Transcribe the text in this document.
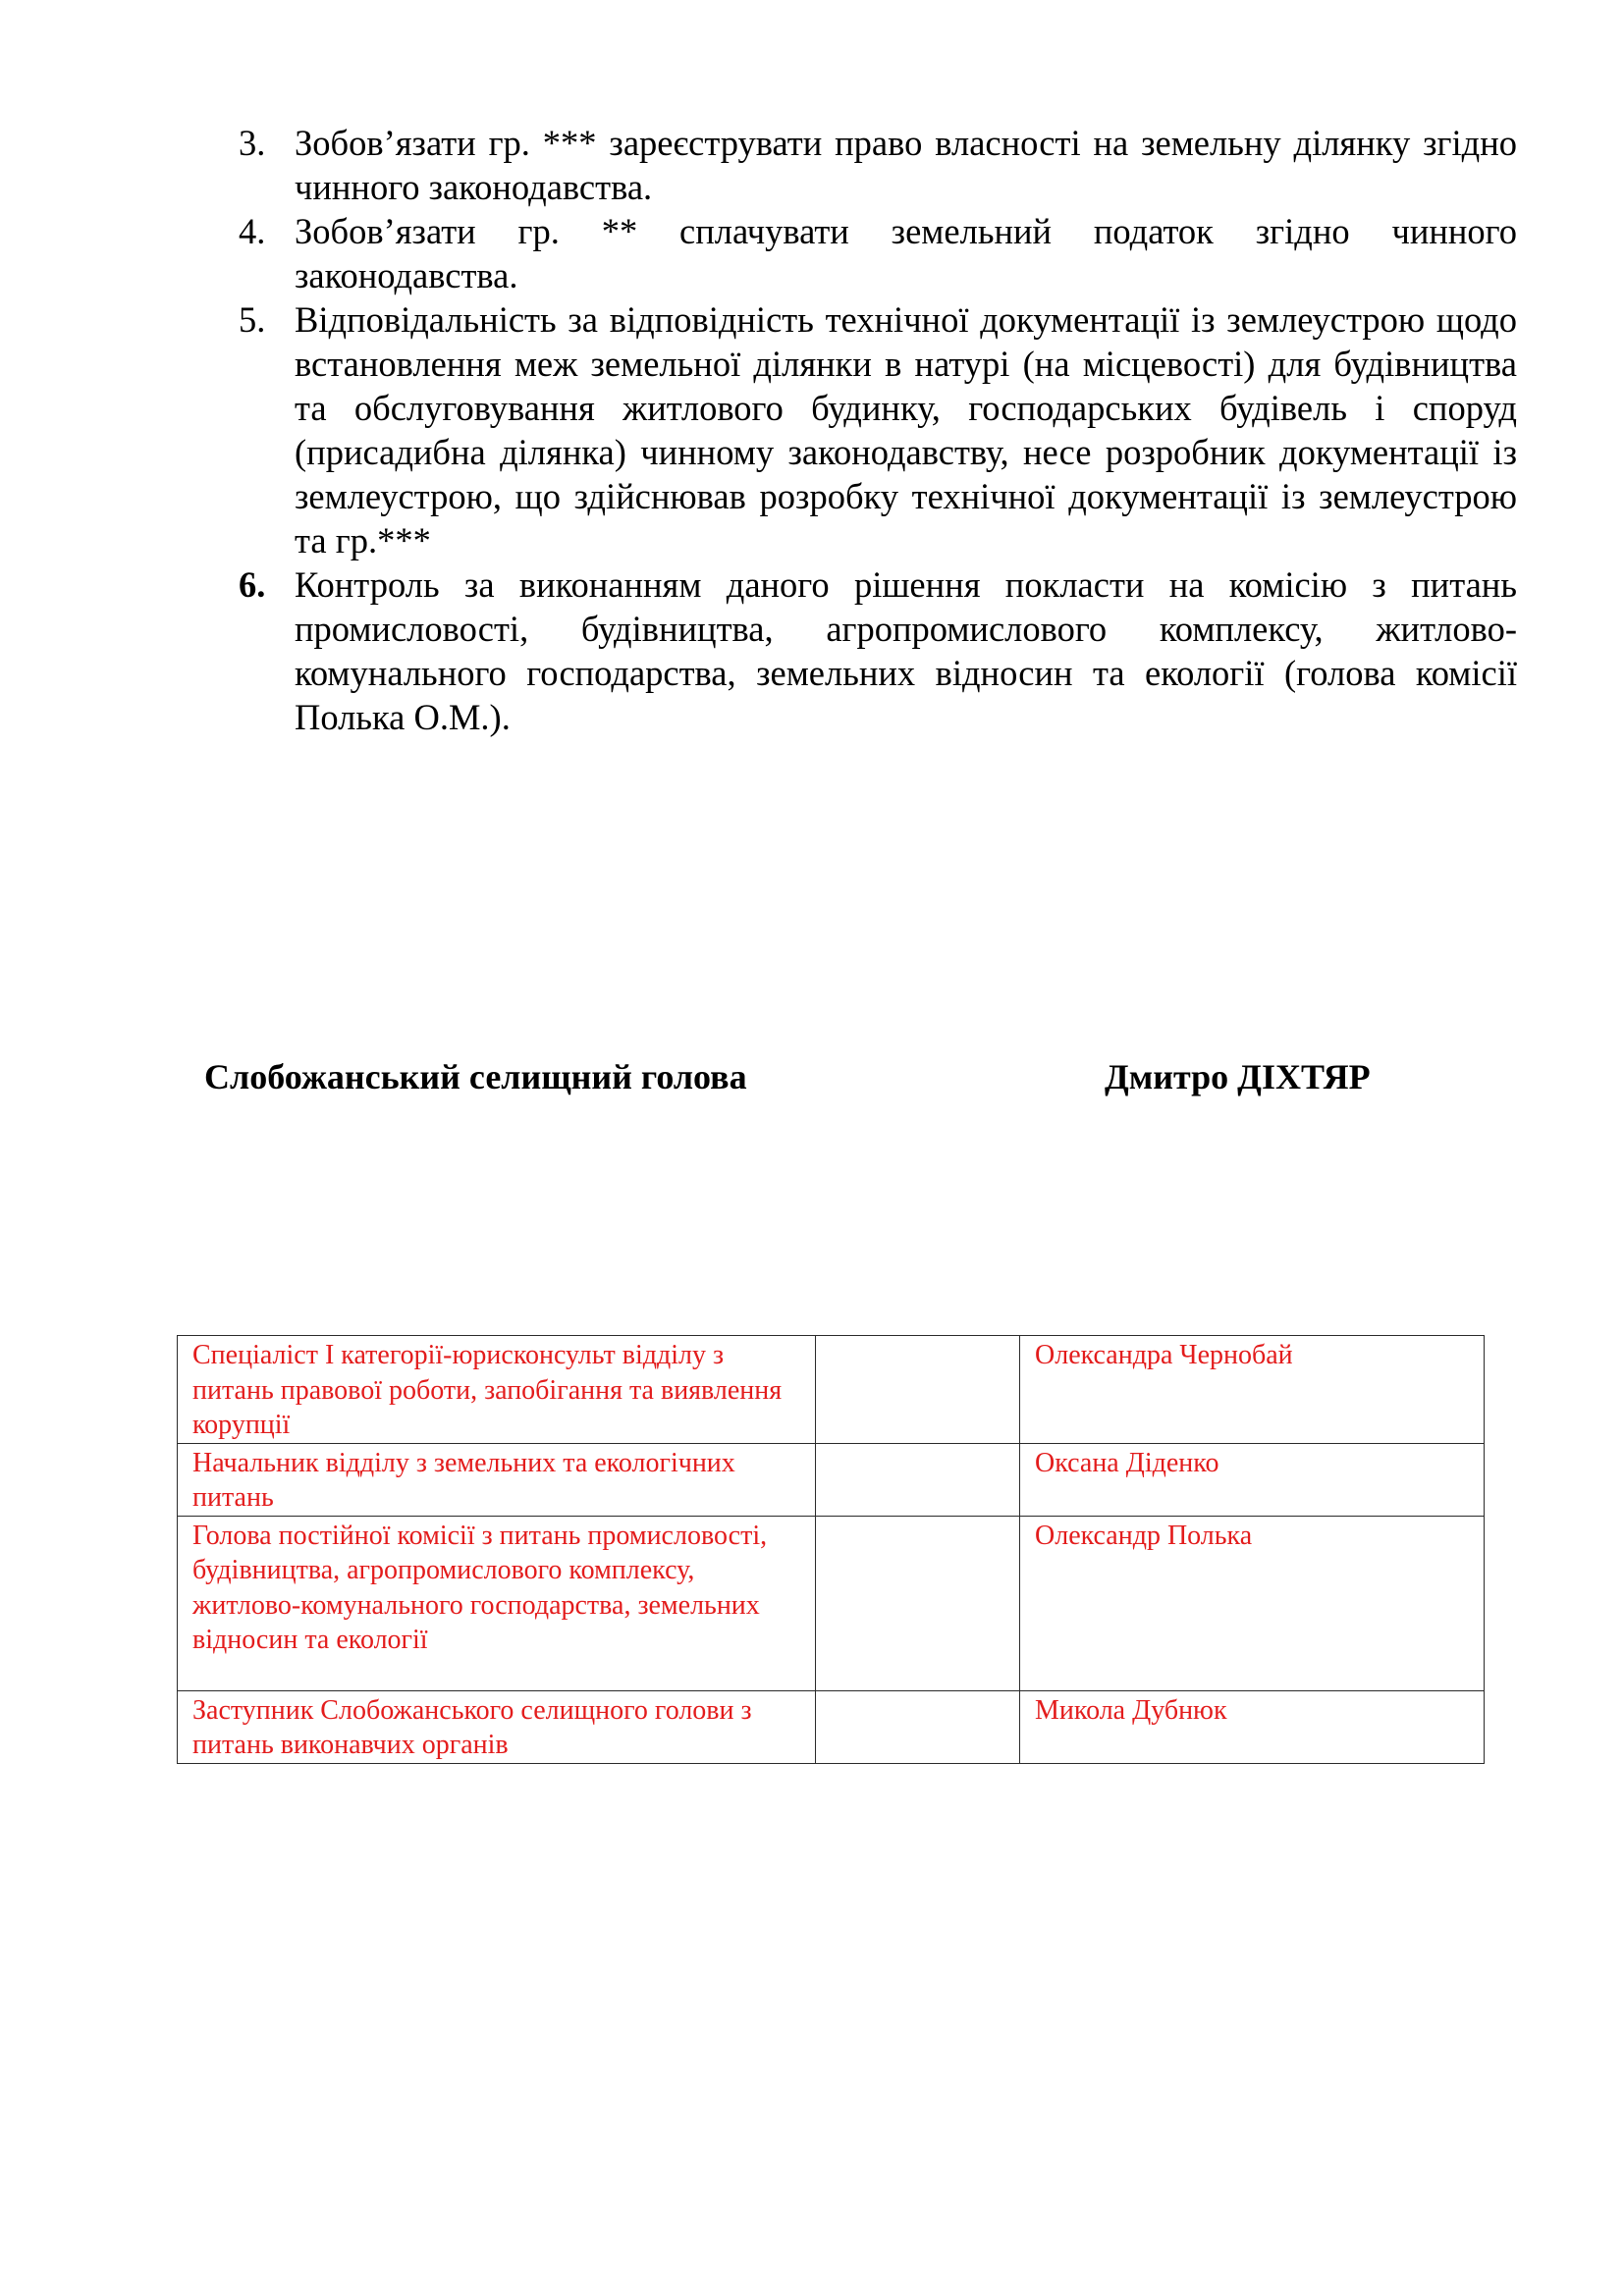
3. Зобов’язати гр. *** зареєструвати право власності на земельну ділянку згідно чинного законодавства.
4. Зобов’язати гр. ** сплачувати земельний податок згідно чинного законодавства.
5. Відповідальність за відповідність технічної документації із землеустрою щодо встановлення меж земельної ділянки в натурі (на місцевості) для будівництва та обслуговування житлового будинку, господарських будівель і споруд (присадибна ділянка) чинному законодавству, несе розробник документації із землеустрою, що здійснював розробку технічної документації із землеустрою та гр.***
6. Контроль за виконанням даного рішення покласти на комісію з питань промисловості, будівництва, агропромислового комплексу, житлово-комунального господарства, земельних відносин та екології (голова комісії Полька О.М.).
Слобожанський селищний голова	Дмитро ДІХТЯР
Спеціаліст І категорії-юрисконсульт відділу з питань правової роботи, запобігання та виявлення корупції		Олександра Чернобай
Начальник відділу з земельних та екологічних питань		Оксана Діденко
Голова постійної комісії з питань промисловості, будівництва, агропромислового комплексу, житлово-комунального господарства, земельних відносин та екології		Олександр Полька
Заступник Слобожанського селищного голови з питань виконавчих органів		Микола Дубнюк
